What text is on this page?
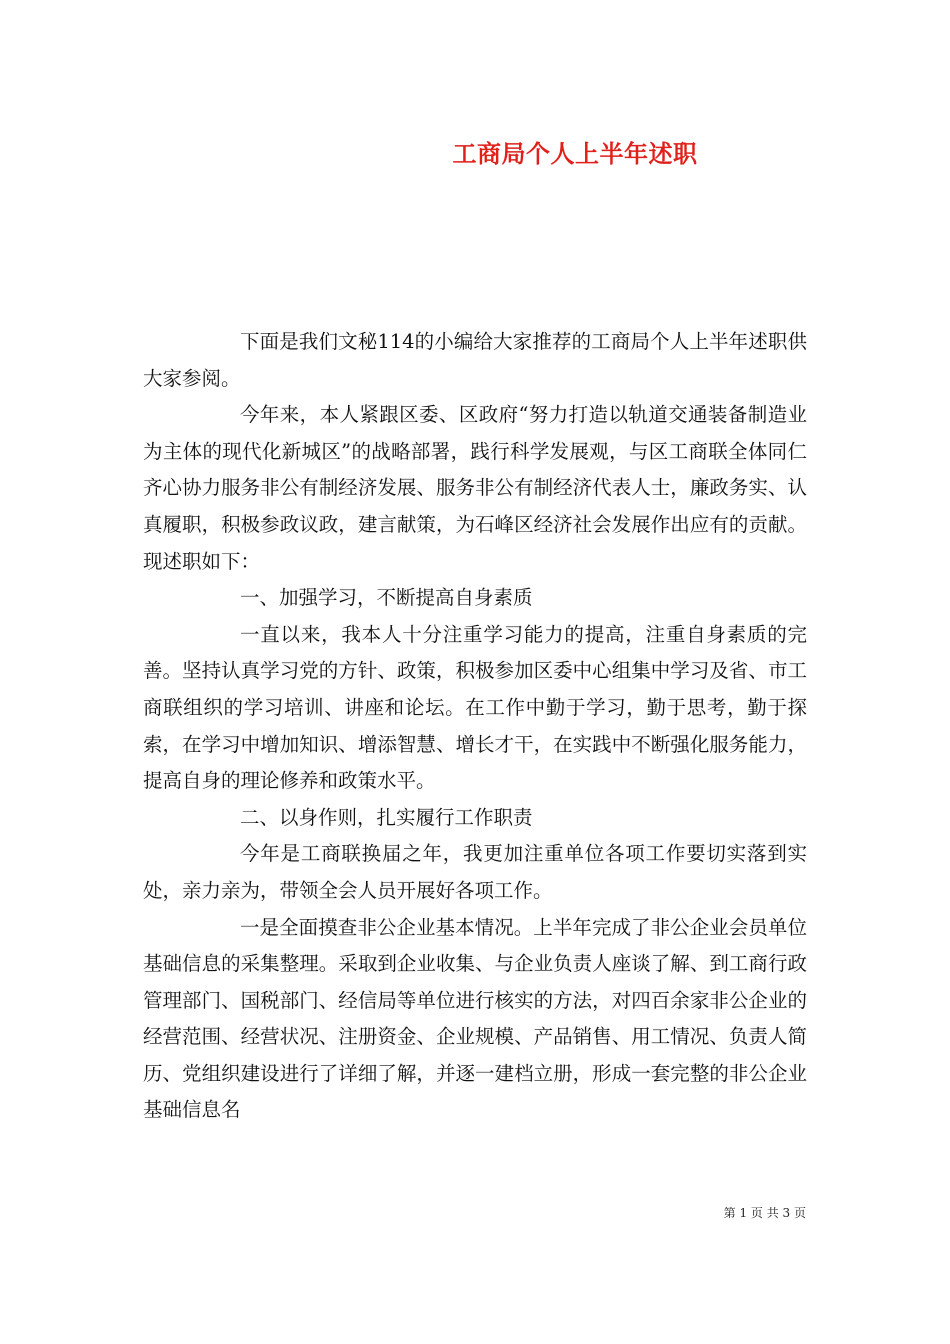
工商局个人上半年述职

下面是我们文秘114的小编给大家推荐的工商局个人上半年述职供大家参阅。

今年来，本人紧跟区委、区政府“努力打造以轨道交通装备制造业为主体的现代化新城区”的战略部署，践行科学发展观，与区工商联全体同仁齐心协力服务非公有制经济发展、服务非公有制经济代表人士，廉政务实、认真履职，积极参政议政，建言献策，为石峰区经济社会发展作出应有的贡献。现述职如下：

一、加强学习，不断提高自身素质

一直以来，我本人十分注重学习能力的提高，注重自身素质的完善。坚持认真学习党的方针、政策，积极参加区委中心组集中学习及省、市工商联组织的学习培训、讲座和论坛。在工作中勤于学习，勤于思考，勤于探索，在学习中增加知识、增添智慧、增长才干，在实践中不断强化服务能力，提高自身的理论修养和政策水平。

二、以身作则，扎实履行工作职责

今年是工商联换届之年，我更加注重单位各项工作要切实落到实处，亲力亲为，带领全会人员开展好各项工作。

一是全面摸查非公企业基本情况。上半年完成了非公企业会员单位基础信息的采集整理。采取到企业收集、与企业负责人座谈了解、到工商行政管理部门、国税部门、经信局等单位进行核实的方法，对四百余家非公企业的经营范围、经营状况、注册资金、企业规模、产品销售、用工情况、负责人简历、党组织建设进行了详细了解，并逐一建档立册，形成一套完整的非公企业基础信息名

第 1 页 共 3 页
